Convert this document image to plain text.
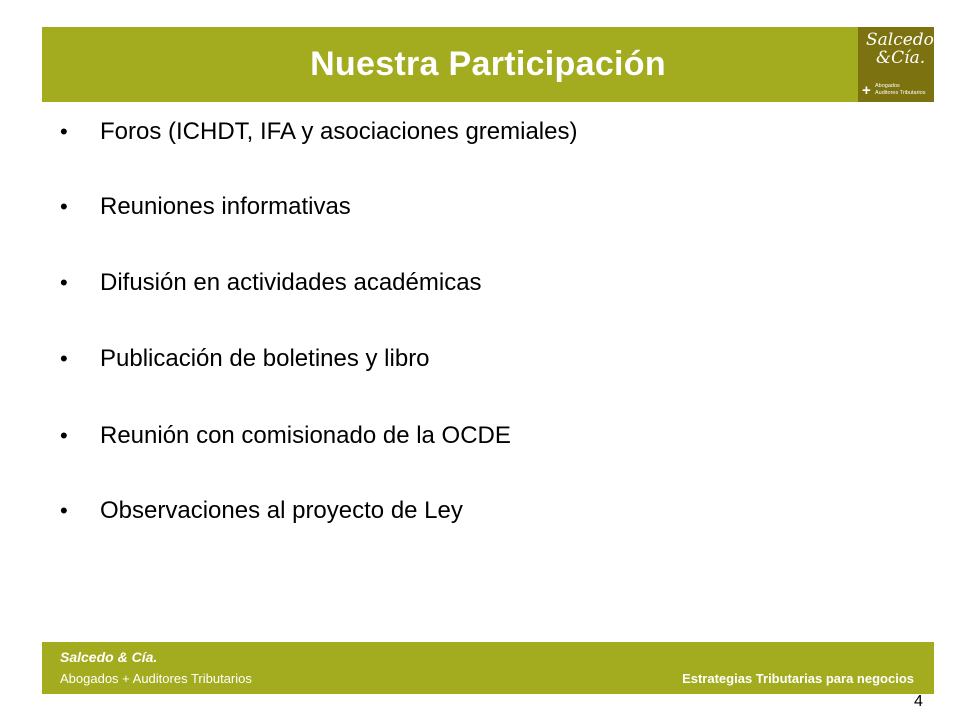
Nuestra Participación
Salcedo
&Cía.
+ Abogados
Auditores Tributarios
•	Foros (ICHDT, IFA y asociaciones gremiales)
•	Reuniones informativas
•	Difusión en actividades académicas
•	Publicación de boletines y libro
•	Reunión con comisionado de la OCDE
•	Observaciones al proyecto de Ley
Salcedo & Cía.
Abogados + Auditores Tributarios	Estrategias Tributarias para negocios
4
